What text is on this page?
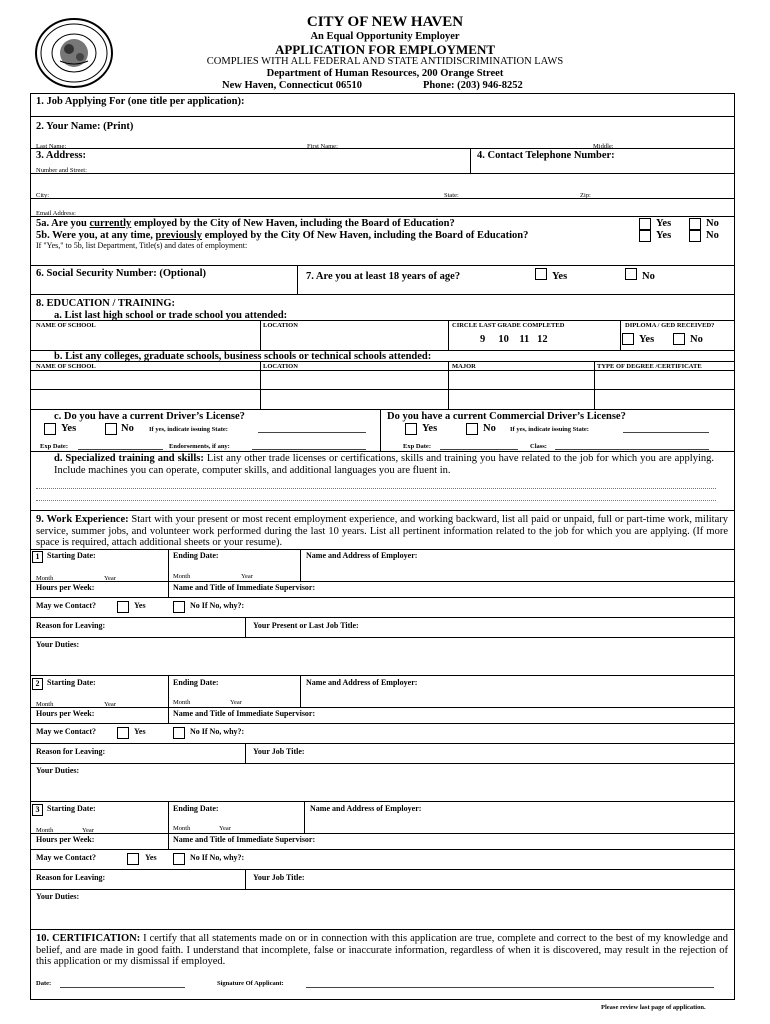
CITY OF NEW HAVEN
An Equal Opportunity Employer
APPLICATION FOR EMPLOYMENT
COMPLIES WITH ALL FEDERAL AND STATE ANTIDISCRIMINATION LAWS
Department of Human Resources, 200 Orange Street
New Haven, Connecticut 06510	Phone: (203) 946-8252
1. Job Applying For (one title per application):
2. Your Name: (Print)
Last Name:	First Name:	Middle:
3. Address:	4. Contact Telephone Number:
Number and Street:
City:	State:	Zip:
Email Address:
5a. Are you currently employed by the City of New Haven, including the Board of Education?	Yes	No
5b. Were you, at any time, previously employed by the City Of New Haven, including the Board of Education?	Yes	No
If "Yes," to 5b, list Department, Title(s) and dates of employment:
6. Social Security Number: (Optional)	7. Are you at least 18 years of age?	Yes	No
8. EDUCATION / TRAINING:
a. List last high school or trade school you attended:
NAME OF SCHOOL	LOCATION	CIRCLE LAST GRADE COMPLETED	DIPLOMA / GED RECEIVED?
9     10    11   12	Yes	No
b. List any colleges, graduate schools, business schools or technical schools attended:
NAME OF SCHOOL	LOCATION	MAJOR	TYPE OF DEGREE /CERTIFICATE
c. Do you have a current Driver’s License?
Yes	No If yes, indicate issuing State:
Exp Date:	Endorsements, if any:
Do you have a current Commercial Driver’s License?
Yes	No If yes, indicate issuing State:
Exp Date:	Class:
d. Specialized training and skills: List any other trade licenses or certifications, skills and training you have related to the job for which you are applying. Include machines you can operate, computer skills, and additional languages you are fluent in.
9. Work Experience: Start with your present or most recent employment experience, and working backward, list all paid or unpaid, full or part-time work, military service, summer jobs, and volunteer work performed during the last 10 years. List all pertinent information related to the job for which you are applying. (If more space is required, attach additional sheets or your resume).
1 Starting Date:	Ending Date:	Name and Address of Employer:
Month	Year	Month	Year
Hours per Week:	Name and Title of Immediate Supervisor:
May we Contact?	Yes	No If No, why?:
Reason for Leaving:	Your Present or Last Job Title:
Your Duties:
2 Starting Date:	Ending Date:	Name and Address of Employer:
Month	Year	Month	Year
Hours per Week:	Name and Title of Immediate Supervisor:
May we Contact?	Yes	No If No, why?:
Reason for Leaving:	Your Job Title:
Your Duties:
3 Starting Date:	Ending Date:	Name and Address of Employer:
Month	Year	Month	Year
Hours per Week:	Name and Title of Immediate Supervisor:
May we Contact?	Yes	No If No, why?:
Reason for Leaving:	Your Job Title:
Your Duties:
10. CERTIFICATION: I certify that all statements made on or in connection with this application are true, complete and correct to the best of my knowledge and belief, and are made in good faith. I understand that incomplete, false or inaccurate information, regardless of when it is discovered, may result in the rejection of this application or my dismissal if employed.
Date:	Signature Of Applicant:
Please review last page of application.
